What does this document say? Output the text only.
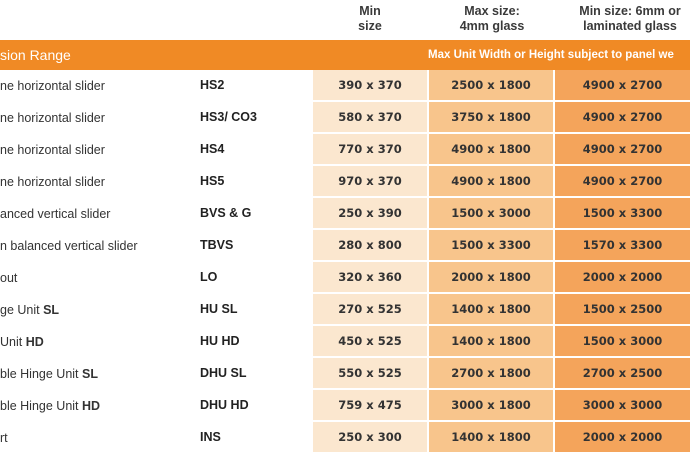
Min
size
Max size:
4mm glass
Min size: 6mm or
laminated glass
sion Range	Max Unit Width or Height subject to panel we
ne horizontal slider	HS2	390 x 370	2500 x 1800	4900 x 2700
ne horizontal slider	HS3/ CO3	580 x 370	3750 x 1800	4900 x 2700
ne horizontal slider	HS4	770 x 370	4900 x 1800	4900 x 2700
ne horizontal slider	HS5	970 x 370	4900 x 1800	4900 x 2700
anced vertical slider	BVS & G	250 x 390	1500 x 3000	1500 x 3300
n balanced vertical slider	TBVS	280 x 800	1500 x 3300	1570 x 3300
out	LO	320 x 360	2000 x 1800	2000 x 2000
ge Unit SL	HU SL	270 x 525	1400 x 1800	1500 x 2500
Unit HD	HU HD	450 x 525	1400 x 1800	1500 x 3000
ble Hinge Unit SL	DHU SL	550 x 525	2700 x 1800	2700 x 2500
ble Hinge Unit HD	DHU HD	759 x 475	3000 x 1800	3000 x 3000
rt	INS	250 x 300	1400 x 1800	2000 x 2000
